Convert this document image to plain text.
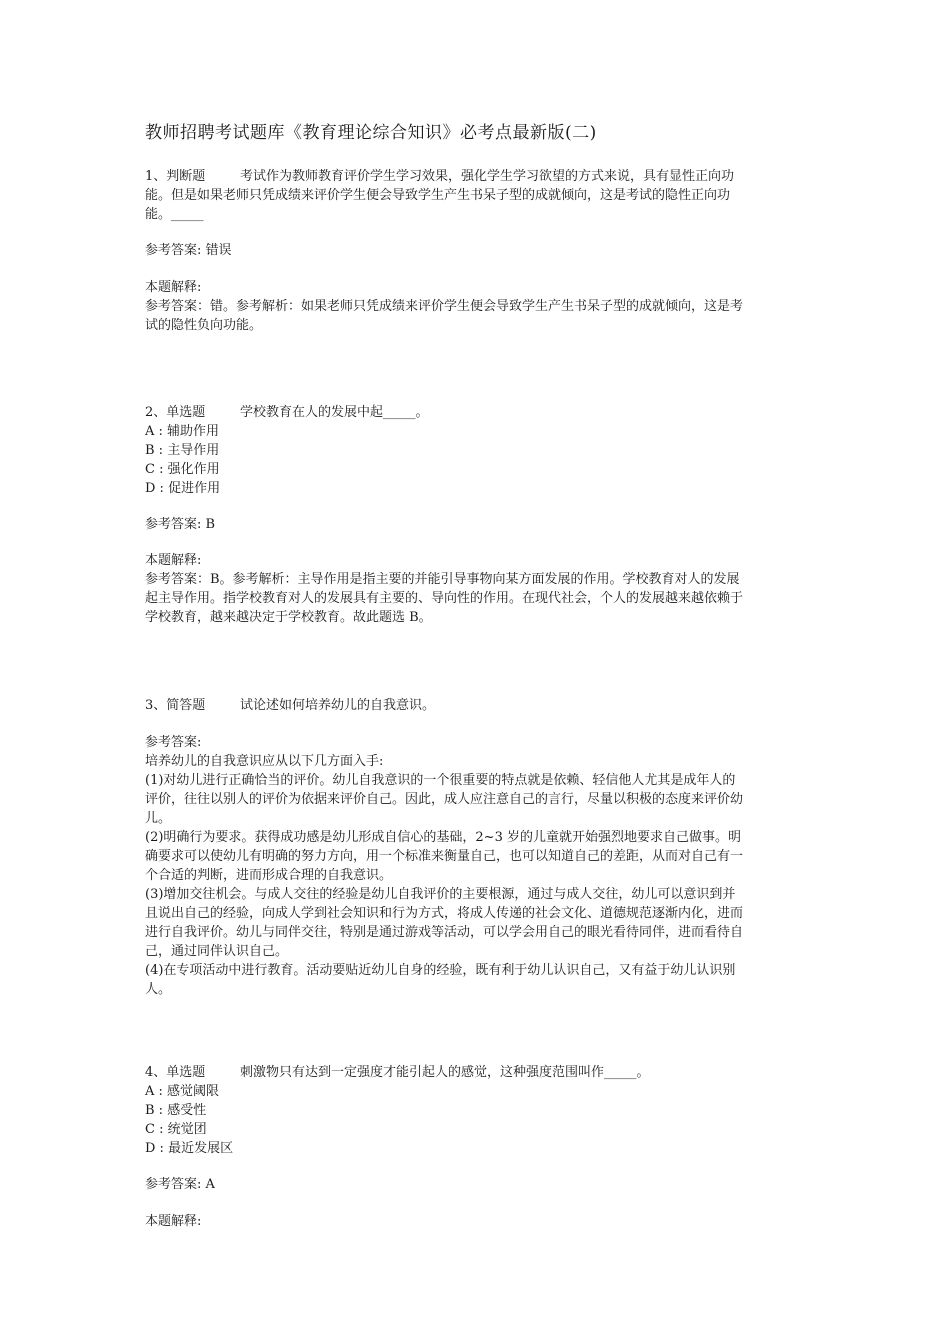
教师招聘考试题库《教育理论综合知识》必考点最新版(二)
1、判断题	考试作为教师教育评价学生学习效果，强化学生学习欲望的方式来说，具有显性正向功
能。但是如果老师只凭成绩来评价学生便会导致学生产生书呆子型的成就倾向，这是考试的隐性正向功
能。_____
参考答案: 错误
本题解释:
参考答案：错。参考解析：如果老师只凭成绩来评价学生便会导致学生产生书呆子型的成就倾向，这是考
试的隐性负向功能。
2、单选题	学校教育在人的发展中起_____。
A : 辅助作用
B : 主导作用
C : 强化作用
D : 促进作用
参考答案: B
本题解释:
参考答案：B。参考解析：主导作用是指主要的并能引导事物向某方面发展的作用。学校教育对人的发展
起主导作用。指学校教育对人的发展具有主要的、导向性的作用。在现代社会，个人的发展越来越依赖于
学校教育，越来越决定于学校教育。故此题选 B。
3、简答题	试论述如何培养幼儿的自我意识。
参考答案:
培养幼儿的自我意识应从以下几方面入手:
(1)对幼儿进行正确恰当的评价。幼儿自我意识的一个很重要的特点就是依赖、轻信他人尤其是成年人的
评价，往往以别人的评价为依据来评价自己。因此，成人应注意自己的言行，尽量以积极的态度来评价幼
儿。
(2)明确行为要求。获得成功感是幼儿形成自信心的基础，2~3 岁的儿童就开始强烈地要求自己做事。明
确要求可以使幼儿有明确的努力方向，用一个标准来衡量自己，也可以知道自己的差距，从而对自己有一
个合适的判断，进而形成合理的自我意识。
(3)增加交往机会。与成人交往的经验是幼儿自我评价的主要根源，通过与成人交往，幼儿可以意识到并
且说出自己的经验，向成人学到社会知识和行为方式，将成人传递的社会文化、道德规范逐渐内化，进而
进行自我评价。幼儿与同伴交往，特别是通过游戏等活动，可以学会用自己的眼光看待同伴，进而看待自
己，通过同伴认识自己。
(4)在专项活动中进行教育。活动要贴近幼儿自身的经验，既有利于幼儿认识自己，又有益于幼儿认识别
人。
4、单选题	刺激物只有达到一定强度才能引起人的感觉，这种强度范围叫作_____。
A : 感觉阈限
B : 感受性
C : 统觉团
D : 最近发展区
参考答案: A
本题解释:
